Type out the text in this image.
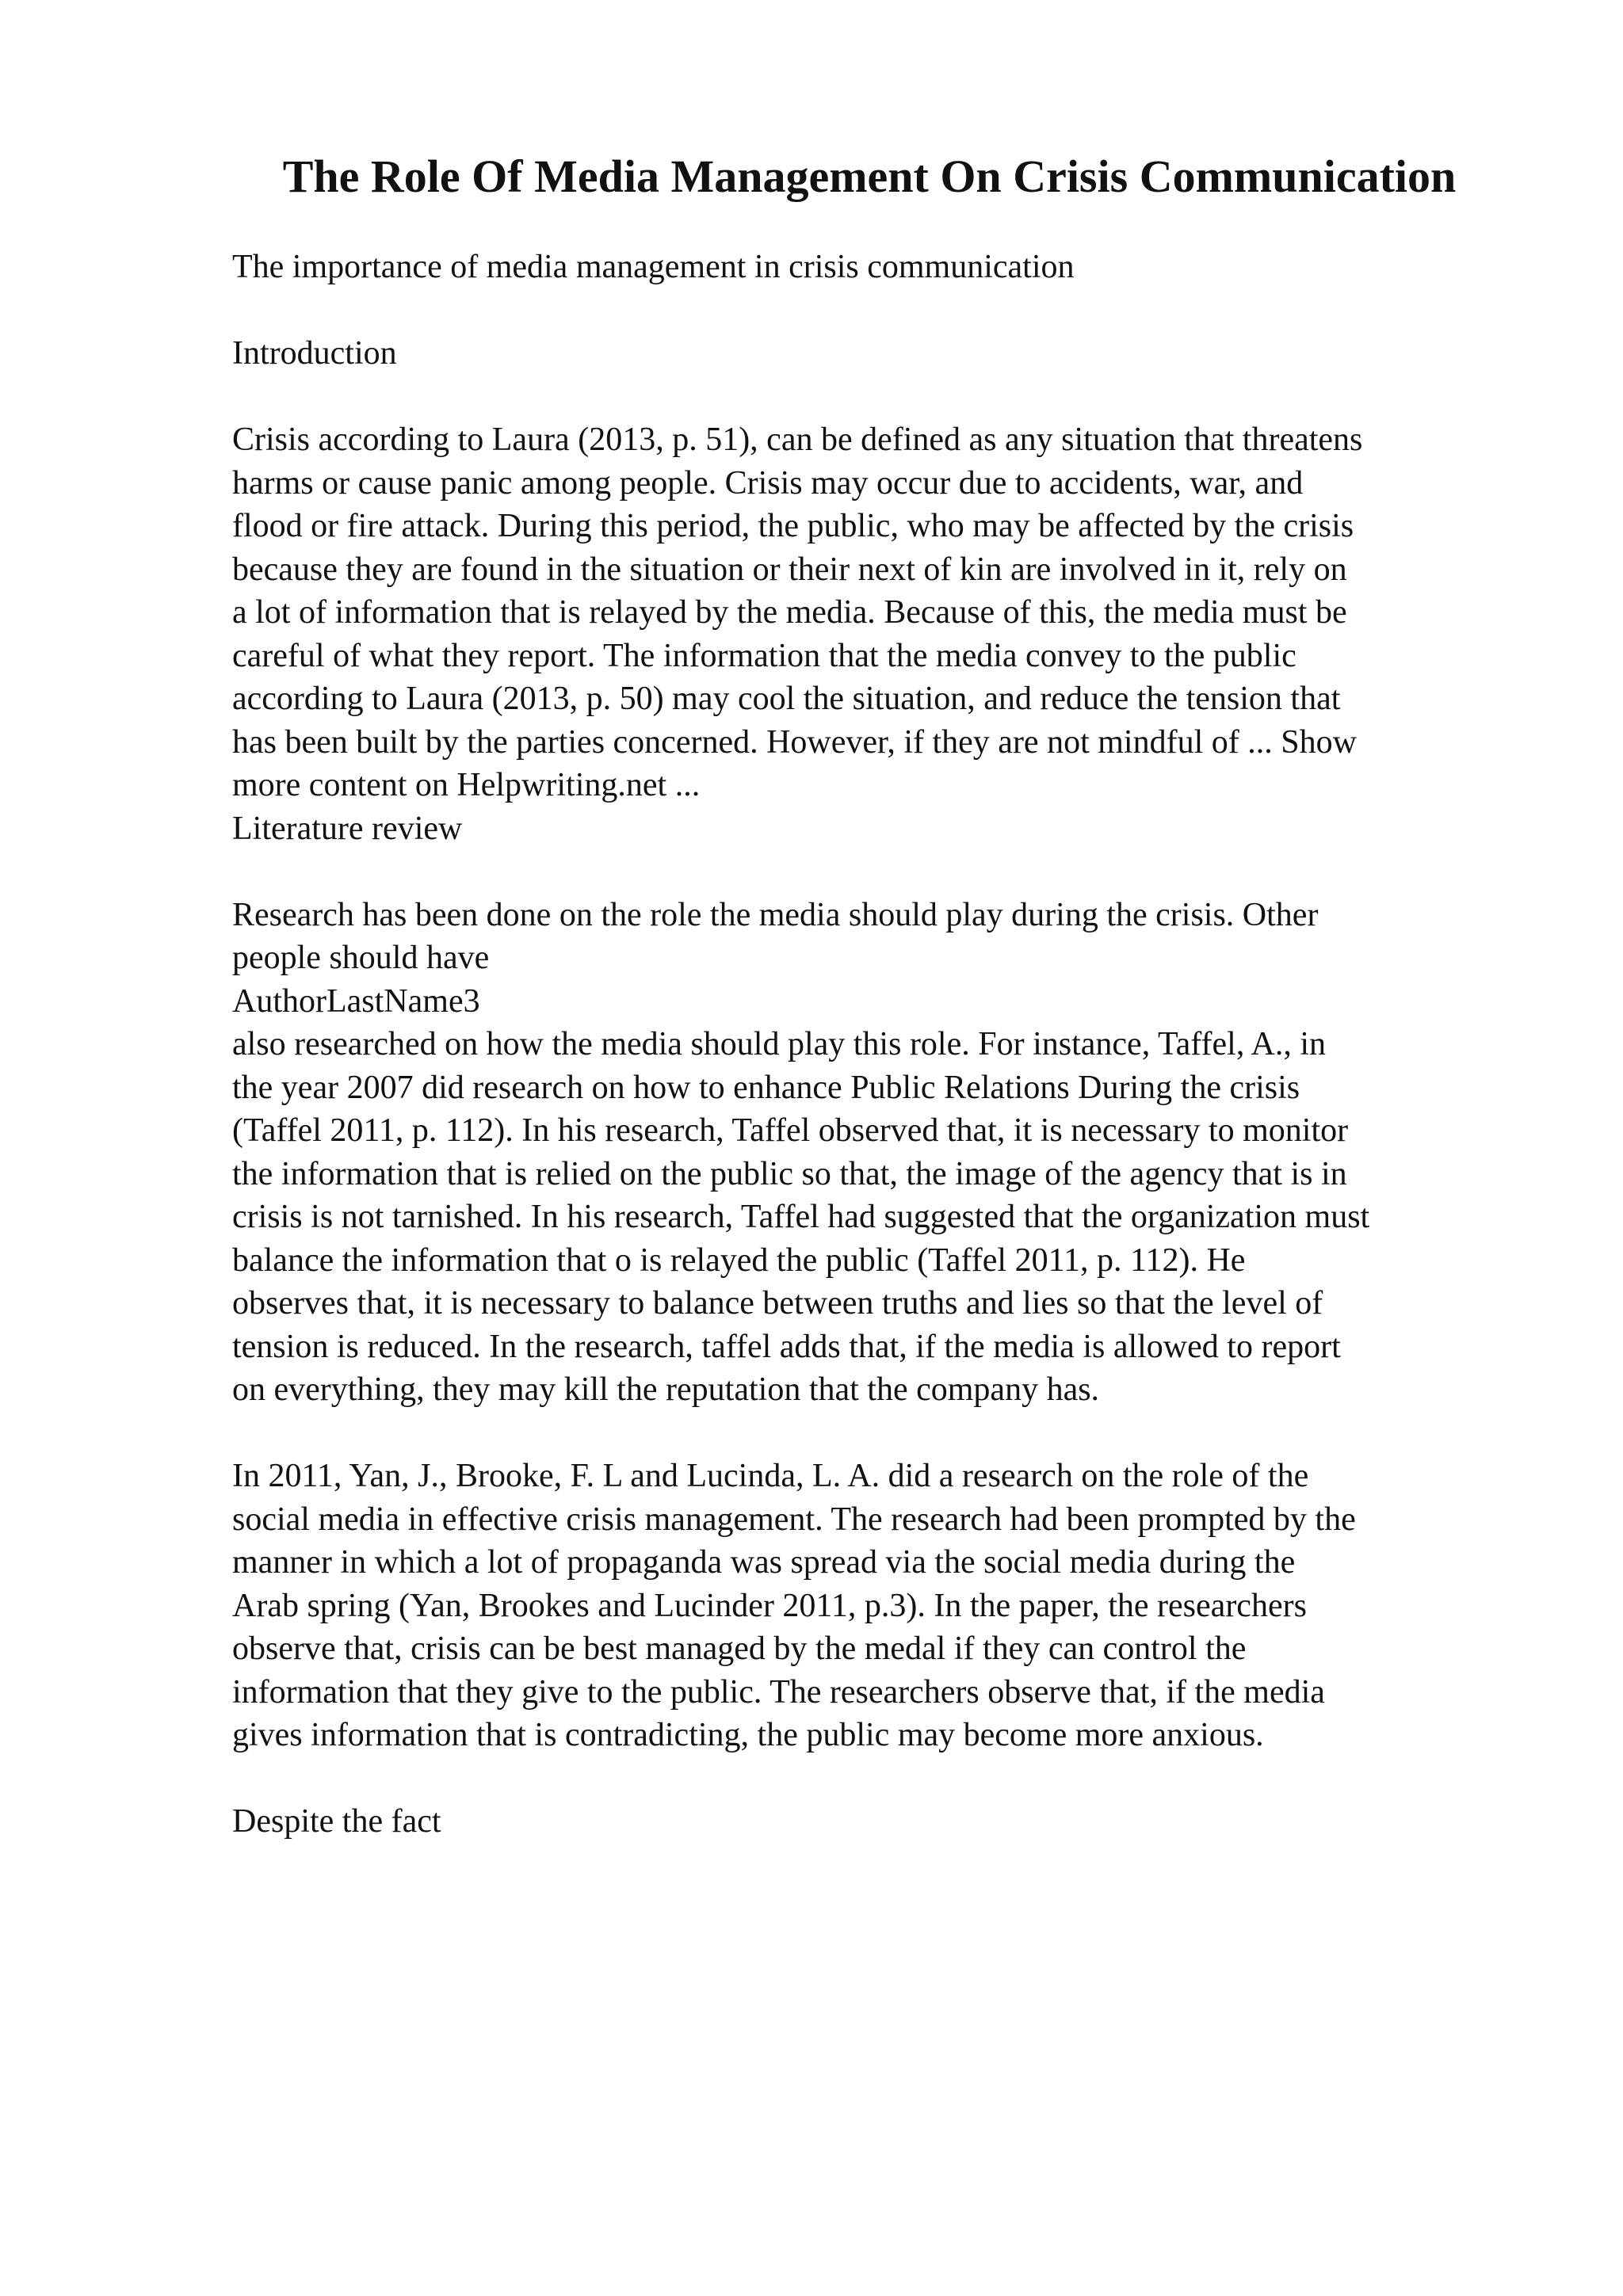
The Role Of Media Management On Crisis Communication
The importance of media management in crisis communication
Introduction
Crisis according to Laura (2013, p. 51), can be defined as any situation that threatens
harms or cause panic among people. Crisis may occur due to accidents, war, and
flood or fire attack. During this period, the public, who may be affected by the crisis
because they are found in the situation or their next of kin are involved in it, rely on
a lot of information that is relayed by the media. Because of this, the media must be
careful of what they report. The information that the media convey to the public
according to Laura (2013, p. 50) may cool the situation, and reduce the tension that
has been built by the parties concerned. However, if they are not mindful of ... Show
more content on Helpwriting.net ...
Literature review
Research has been done on the role the media should play during the crisis. Other
people should have
AuthorLastName3
also researched on how the media should play this role. For instance, Taffel, A., in
the year 2007 did research on how to enhance Public Relations During the crisis
(Taffel 2011, p. 112). In his research, Taffel observed that, it is necessary to monitor
the information that is relied on the public so that, the image of the agency that is in
crisis is not tarnished. In his research, Taffel had suggested that the organization must
balance the information that o is relayed the public (Taffel 2011, p. 112). He
observes that, it is necessary to balance between truths and lies so that the level of
tension is reduced. In the research, taffel adds that, if the media is allowed to report
on everything, they may kill the reputation that the company has.
In 2011, Yan, J., Brooke, F. L and Lucinda, L. A. did a research on the role of the
social media in effective crisis management. The research had been prompted by the
manner in which a lot of propaganda was spread via the social media during the
Arab spring (Yan, Brookes and Lucinder 2011, p.3). In the paper, the researchers
observe that, crisis can be best managed by the medal if they can control the
information that they give to the public. The researchers observe that, if the media
gives information that is contradicting, the public may become more anxious.
Despite the fact
